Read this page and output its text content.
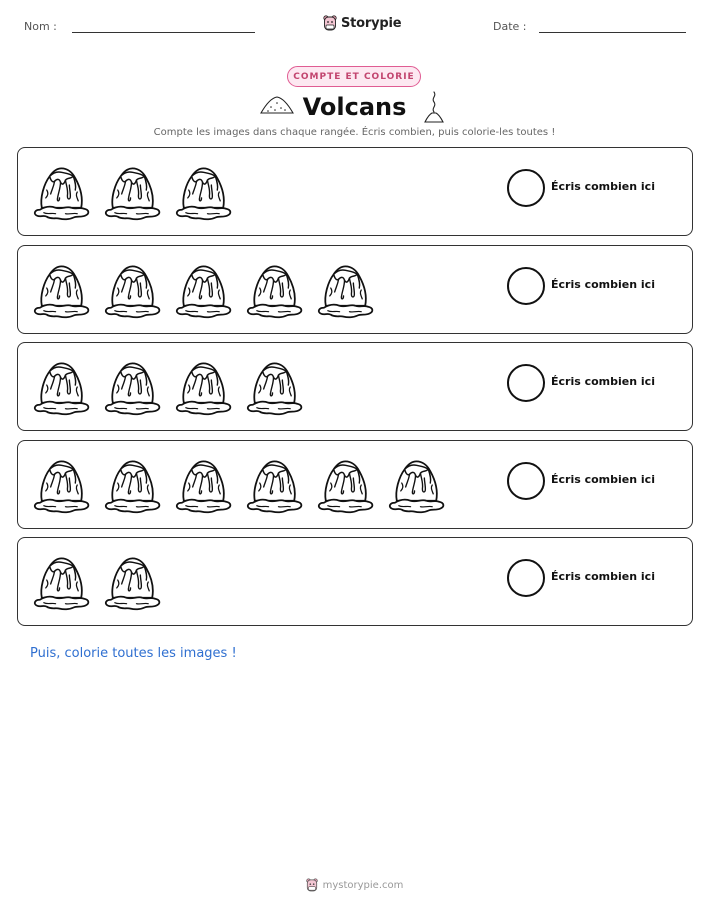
Nom :	Storypie	Date :
COMPTE ET COLORIE
Volcans
Compte les images dans chaque rangée. Écris combien, puis colorie-les toutes !
Écris combien ici
Écris combien ici
Écris combien ici
Écris combien ici
Écris combien ici
Puis, colorie toutes les images !
mystorypie.com
